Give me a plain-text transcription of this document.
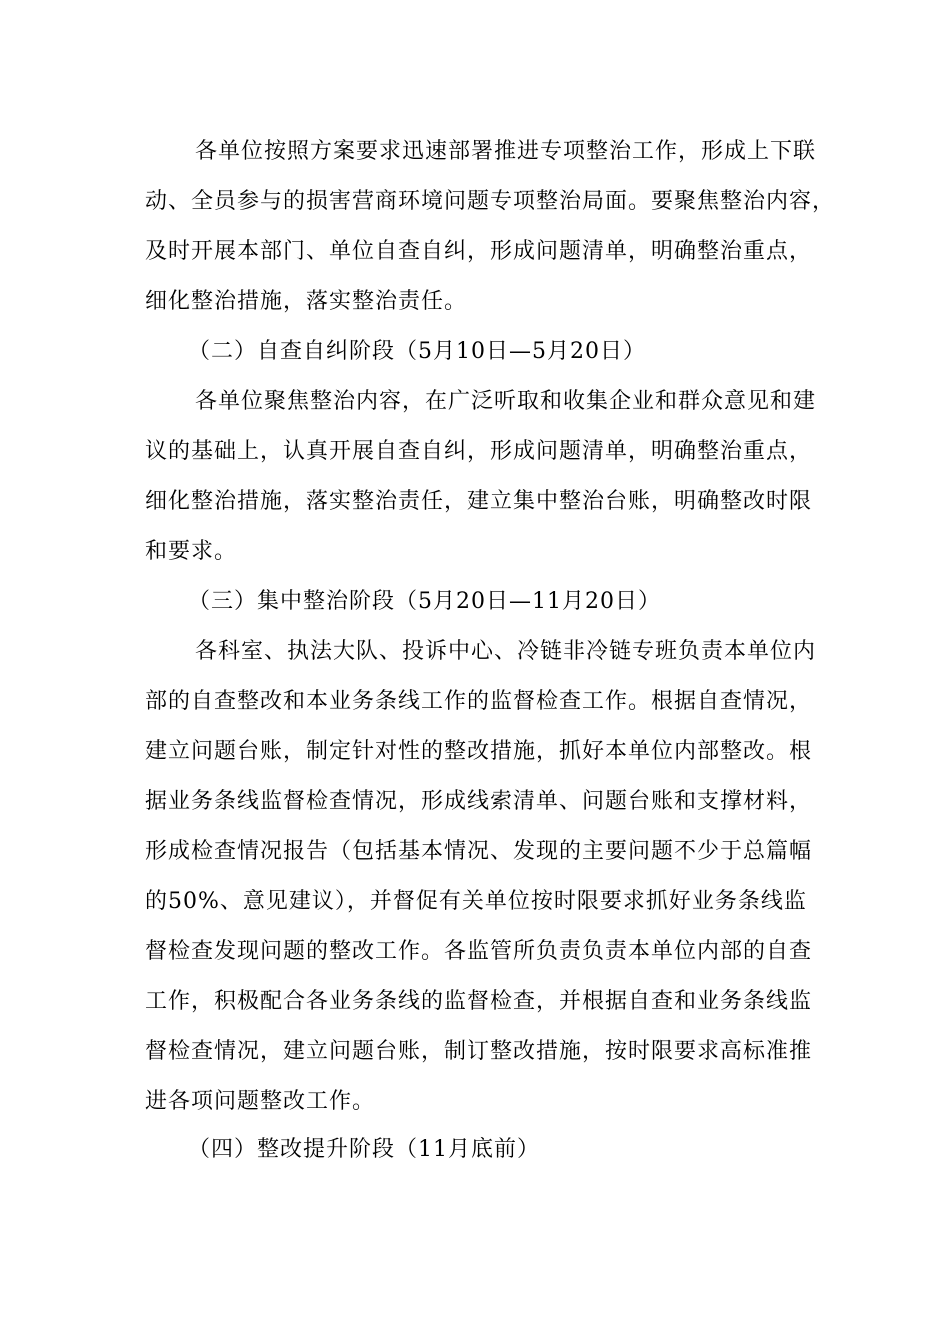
各单位按照方案要求迅速部署推进专项整治工作，形成上下联
动、全员参与的损害营商环境问题专项整治局面。要聚焦整治内容，
及时开展本部门、单位自查自纠，形成问题清单，明确整治重点，
细化整治措施，落实整治责任。
（二）自查自纠阶段（5月10日—5月20日）
各单位聚焦整治内容，在广泛听取和收集企业和群众意见和建
议的基础上，认真开展自查自纠，形成问题清单，明确整治重点，
细化整治措施，落实整治责任，建立集中整治台账，明确整改时限
和要求。
（三）集中整治阶段（5月20日—11月20日）
各科室、执法大队、投诉中心、冷链非冷链专班负责本单位内
部的自查整改和本业务条线工作的监督检查工作。根据自查情况，
建立问题台账，制定针对性的整改措施，抓好本单位内部整改。根
据业务条线监督检查情况，形成线索清单、问题台账和支撑材料，
形成检查情况报告（包括基本情况、发现的主要问题不少于总篇幅
的50%、意见建议），并督促有关单位按时限要求抓好业务条线监
督检查发现问题的整改工作。各监管所负责负责本单位内部的自查
工作，积极配合各业务条线的监督检查，并根据自查和业务条线监
督检查情况，建立问题台账，制订整改措施，按时限要求高标准推
进各项问题整改工作。
（四）整改提升阶段（11月底前）
